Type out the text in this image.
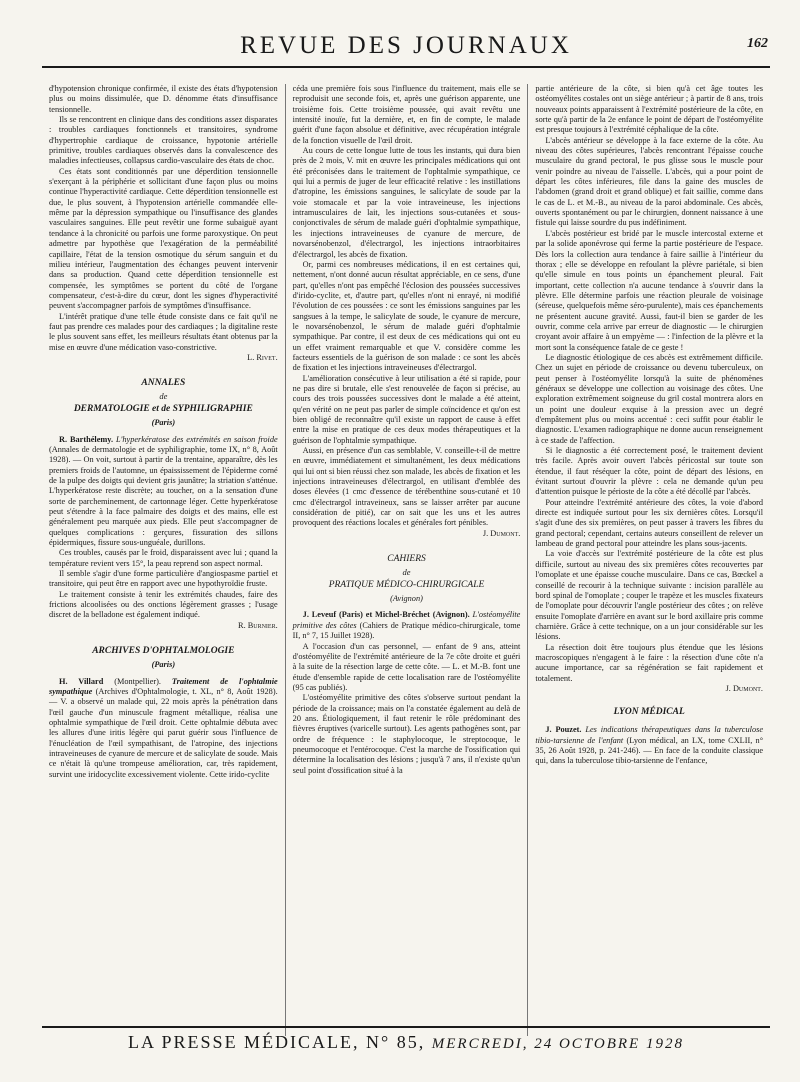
REVUE DES JOURNAUX	162

d'hypotension chronique confirmée, il existe des états d'hypotension plus ou moins dissimulée, que D. dénomme états d'insuffisance tensionnelle.

Ils se rencontrent en clinique dans des conditions assez disparates : troubles cardiaques fonctionnels et transitoires, syndrome d'hypertrophie cardiaque de croissance, hypotonie artérielle primitive, troubles cardiaques observés dans la convalescence des maladies infectieuses, collapsus cardio-vasculaire des états de choc.

Ces états sont conditionnés par une déperdition tensionnelle s'exerçant à la périphérie et sollicitant d'une façon plus ou moins continue l'hyperactivité cardiaque. Cette déperdition tensionnelle est due, le plus souvent, à l'hypotension artérielle commandée elle-même par la dépression sympathique ou l'insuffisance des glandes vasculaires sanguines. Elle peut revêtir une forme subaiguë ayant tendance à la chronicité ou parfois une forme paroxystique. On peut admettre par hypothèse que l'exagération de la perméabilité capillaire, l'état de la tension osmotique du sérum sanguin et du milieu intérieur, l'augmentation des échanges peuvent intervenir dans sa production. Quand cette déperdition tensionnelle est compensée, les symptômes se portent du côté de l'organe compensateur, c'est-à-dire du cœur, dont les signes d'hyperactivité peuvent s'accompagner parfois de symptômes d'insuffisance.

L'intérêt pratique d'une telle étude consiste dans ce fait qu'il ne faut pas prendre ces malades pour des cardiaques ; la digitaline reste le plus souvent sans effet, les meilleurs résultats étant obtenus par la mise en œuvre d'une médication vaso-constrictive.

L. Rivet.

ANNALES
de
DERMATOLOGIE et de SYPHILIGRAPHIE
(Paris)

R. Barthélemy. L'hyperkératose des extrémités en saison froide (Annales de dermatologie et de syphiligraphie, tome IX, n° 8, Août 1928). — On voit, surtout à partir de la trentaine, apparaître, dès les premiers froids de l'automne, un épaississement de l'épiderme corné de la pulpe des doigts qui devient gris jaunâtre; la striation s'atténue. L'hyperkératose reste discrète; au toucher, on a la sensation d'une sorte de parcheminement, de cartonnage léger. Cette hyperkératose peut s'étendre à la face palmaire des doigts et des mains, elle est généralement peu marquée aux pieds. Elle peut s'accompagner de quelques complications : gerçures, fissuration des sillons épidermiques, fissure sous-unguéale, durillons.

Ces troubles, causés par le froid, disparaissent avec lui ; quand la température revient vers 15°, la peau reprend son aspect normal.

Il semble s'agir d'une forme particulière d'angiospasme partiel et transitoire, qui peut être en rapport avec une hypothyroïdie fruste.

Le traitement consiste à tenir les extrémités chaudes, faire des frictions alcoolisées ou des onctions légèrement grasses ; l'usage discret de la belladone est également indiqué.

R. Burnier.

ARCHIVES D'OPHTALMOLOGIE
(Paris)

H. Villard (Montpellier). Traitement de l'ophtalmie sympathique (Archives d'Ophtalmologie, t. XL, n° 8, Août 1928). — V. a observé un malade qui, 22 mois après la pénétration dans l'œil gauche d'un minuscule fragment métallique, réalisa une ophtalmie sympathique de l'œil droit. Cette ophtalmie débuta avec les allures d'une iritis légère qui parut guérir sous l'influence de l'énucléation de l'œil sympathisant, de l'atropine, des injections intraveineuses de cyanure de mercure et de salicylate de soude. Mais ce n'était là qu'une trompeuse amélioration, car, très rapidement, survint une iridocyclite excessivement violente. Cette irido-cyclite

céda une première fois sous l'influence du traitement, mais elle se reproduisit une seconde fois, et, après une guérison apparente, une troisième fois. Cette troisième poussée, qui avait revêtu une intensité inouïe, fut la dernière, et, en fin de compte, le malade guérit d'une façon absolue et définitive, avec récupération intégrale de la fonction visuelle de l'œil droit.

Au cours de cette longue lutte de tous les instants, qui dura bien près de 2 mois, V. mit en œuvre les principales médications qui ont été préconisées dans le traitement de l'ophtalmie sympathique, ce qui lui a permis de juger de leur efficacité relative : les instillations d'atropine, les émissions sanguines, le salicylate de soude par la voie stomacale et par la voie intraveineuse, les injections intramusculaires de lait, les injections sous-cutanées et sous-conjonctivales de sérum de malade guéri d'ophtalmie sympathique, les injections intraveineuses de cyanure de mercure, de novarsénobenzol, d'électrargol, les injections intraorbitaires d'électrargol, les abcès de fixation.

Or, parmi ces nombreuses médications, il en est certaines qui, nettement, n'ont donné aucun résultat appréciable, en ce sens, d'une part, qu'elles n'ont pas empêché l'éclosion des poussées successives d'irido-cyclite, et, d'autre part, qu'elles n'ont ni enrayé, ni modifié l'évolution de ces poussées : ce sont les émissions sanguines par les sangsues à la tempe, le salicylate de soude, le cyanure de mercure, le novarsénobenzol, le sérum de malade guéri d'ophtalmie sympathique. Par contre, il est deux de ces médications qui ont eu un effet vraiment remarquable et que V. considère comme les facteurs essentiels de la guérison de son malade : ce sont les abcès de fixation et les injections intraveineuses d'électrargol.

L'amélioration consécutive à leur utilisation a été si rapide, pour ne pas dire si brutale, elle s'est renouvelée de façon si précise, au cours des trois poussées successives dont le malade a été atteint, qu'en vérité on ne peut pas parler de simple coïncidence et qu'on est bien obligé de reconnaître qu'il existe un rapport de cause à effet entre la mise en pratique de ces deux modes thérapeutiques et la guérison de l'ophtalmie sympathique.

Aussi, en présence d'un cas semblable, V. conseille-t-il de mettre en œuvre, immédiatement et simultanément, les deux médications qui lui ont si bien réussi chez son malade, les abcès de fixation et les injections intraveineuses d'électrargol, en utilisant d'emblée des doses élevées (1 cmc d'essence de térébenthine sous-cutané et 10 cmc d'électrargol intraveineux, sans se laisser arrêter par aucune considération de pitié), car on sait que les uns et les autres provoquent des réactions locales et générales fort pénibles.

J. Dumont.

CAHIERS
de
PRATIQUE MÉDICO-CHIRURGICALE
(Avignon)

J. Leveuf (Paris) et Michel-Bréchet (Avignon). L'ostéomyélite primitive des côtes (Cahiers de Pratique médico-chirurgicale, tome II, n° 7, 15 Juillet 1928).

A l'occasion d'un cas personnel, — enfant de 9 ans, atteint d'ostéomyélite de l'extrémité antérieure de la 7e côte droite et guéri à la suite de la résection large de cette côte. — L. et M.-B. font une étude d'ensemble rapide de cette localisation rare de l'ostéomyélite (95 cas publiés).

L'ostéomyélite primitive des côtes s'observe surtout pendant la période de la croissance; mais on l'a constatée également au delà de 20 ans. Étiologiquement, il faut retenir le rôle prédominant des fièvres éruptives (varicelle surtout). Les agents pathogènes sont, par ordre de fréquence : le staphylocoque, le streptocoque, le pneumocoque et l'entérocoque. C'est la marche de l'ossification qui détermine la localisation des lésions ; jusqu'à 7 ans, il n'existe qu'un seul point d'ossification situé à la

partie antérieure de la côte, si bien qu'à cet âge toutes les ostéomyélites costales ont un siège antérieur ; à partir de 8 ans, trois nouveaux points apparaissent à l'extrémité postérieure de la côte, en sorte qu'à partir de la 2e enfance le point de départ de l'ostéomyélite est presque toujours à l'extrémité céphalique de la côte.

L'abcès antérieur se développe à la face externe de la côte. Au niveau des côtes supérieures, l'abcès rencontrant l'épaisse couche musculaire du grand pectoral, le pus glisse sous le muscle pour venir poindre au niveau de l'aisselle. L'abcès, qui a pour point de départ les côtes inférieures, file dans la gaine des muscles de l'abdomen (grand droit et grand oblique) et fait saillie, comme dans le cas de L. et M.-B., au niveau de la paroi abdominale. Ces abcès, ouverts spontanément ou par le chirurgien, donnent naissance à une fistule qui laisse sourdre du pus indéfiniment.

L'abcès postérieur est bridé par le muscle intercostal externe et par la solide aponévrose qui ferme la partie postérieure de l'espace. Dès lors la collection aura tendance à faire saillie à l'intérieur du thorax ; elle se développe en refoulant la plèvre pariétale, si bien qu'elle simule en tous points un épanchement pleural. Fait important, cette collection n'a aucune tendance à s'ouvrir dans la plèvre. Elle détermine parfois une réaction pleurale de voisinage (séreuse, quelquefois même séro-purulente), mais ces épanchements ne présentent aucune gravité. Aussi, faut-il bien se garder de les ouvrir, comme cela arrive par erreur de diagnostic — le chirurgien croyant avoir affaire à un empyème — : l'infection de la plèvre et la mort sont la conséquence fatale de ce geste !

Le diagnostic étiologique de ces abcès est extrêmement difficile. Chez un sujet en période de croissance ou devenu tuberculeux, on peut penser à l'ostéomyélite lorsqu'à la suite de phénomènes généraux se développe une collection au voisinage des côtes. Une exploration extrêmement soigneuse du gril costal montrera alors en un point une douleur exquise à la pression avec un degré d'empâtement plus ou moins accentué : ceci suffit pour établir le diagnostic. L'examen radiographique ne donne aucun renseignement à ce stade de l'affection.

Si le diagnostic a été correctement posé, le traitement devient très facile. Après avoir ouvert l'abcès péricostal sur toute son étendue, il faut réséquer la côte, point de départ des lésions, en évitant surtout d'ouvrir la plèvre : cela ne demande qu'un peu d'attention puisque le périoste de la côte a été décollé par l'abcès.

Pour atteindre l'extrémité antérieure des côtes, la voie d'abord directe est indiquée surtout pour les six dernières côtes. Lorsqu'il s'agit d'une des six premières, on peut passer à travers les fibres du grand pectoral; cependant, certains auteurs conseillent de relever un lambeau de grand pectoral pour atteindre les plans sous-jacents.

La voie d'accès sur l'extrémité postérieure de la côte est plus difficile, surtout au niveau des six premières côtes recouvertes par l'omoplate et une épaisse couche musculaire. Dans ce cas, Bœckel a conseillé de recourir à la technique suivante : incision parallèle au bord spinal de l'omoplate ; couper le trapèze et les muscles fixateurs de l'omoplate pour découvrir l'angle postérieur des côtes ; on relève ensuite l'omoplate d'arrière en avant sur le bord axillaire pris comme charnière. Grâce à cette technique, on a un jour considérable sur les lésions.

La résection doit être toujours plus étendue que les lésions macroscopiques n'engagent à le faire : la résection d'une côte n'a aucune importance, car sa régénération se fait rapidement et totalement.

J. Dumont.

LYON MÉDICAL

J. Pouzet. Les indications thérapeutiques dans la tuberculose tibio-tarsienne de l'enfant (Lyon médical, an LX, tome CXLII, n° 35, 26 Août 1928, p. 241-246). — En face de la conduite classique qui, dans la tuberculose tibio-tarsienne de l'enfance,

LA PRESSE MÉDICALE, N° 85, MERCREDI, 24 OCTOBRE 1928
